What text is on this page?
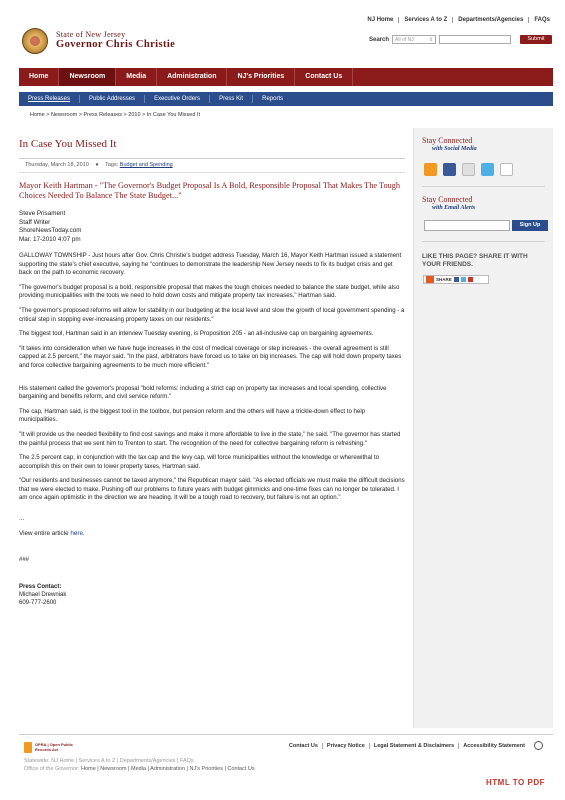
NJ Home	Services A to Z	Departments/Agencies	FAQs
State of New Jersey
Governor Chris Christie	Search All of NJ	⇕	Submit
Home	Newsroom	Media	Administration	NJ's Priorities	Contact Us
Press Releases	Public Addresses	Executive Orders	Press Kit	Reports
Home > Newsroom > Press Releases > 2010 > In Case You Missed It
In Case You Missed It
Thursday, March 18, 2010 ● Tags: Budget and Spending
Mayor Keith Hartman - "The Governor's Budget Proposal Is A Bold, Responsible Proposal That Makes The Tough Choices Needed To Balance The State Budget..."
Steve Prisament
Staff Writer
ShoreNewsToday.com
Mar. 17-2010 4:07 pm

GALLOWAY TOWNSHIP - Just hours after Gov. Chris Christie's budget address Tuesday, March 16, Mayor Keith Hartman issued a statement supporting the state's chief executive, saying he "continues to demonstrate the leadership New Jersey needs to fix its budget crisis and get back on the path to economic recovery.

"The governor's budget proposal is a bold, responsible proposal that makes the tough choices needed to balance the state budget, while also providing municipalities with the tools we need to hold down costs and mitigate property tax increases," Hartman said.

"The governor's proposed reforms will allow for stability in our budgeting at the local level and slow the growth of local government spending - a critical step in stopping ever-increasing property taxes on our residents."

The biggest tool, Hartman said in an interview Tuesday evening, is Proposition 205 - an all-inclusive cap on bargaining agreements.

"It takes into consideration when we have huge increases in the cost of medical coverage or step increases - the overall agreement is still capped at 2.5 percent," the mayor said. "In the past, arbitrators have forced us to take on big increases. The cap will hold down property taxes and force collective bargaining agreements to be much more efficient."

His statement called the governor's proposal "bold reforms: including a strict cap on property tax increases and local spending, collective bargaining and benefits reform, and civil service reform."

The cap, Hartman said, is the biggest tool in the toolbox, but pension reform and the others will have a trickle-down effect to help municipalities.

"It will provide us the needed flexibility to find cost savings and make it more affordable to live in the state," he said. "The governor has started the painful process that we sent him to Trenton to start. The recognition of the need for collective bargaining reform is refreshing."

The 2.5 percent cap, in conjunction with the tax cap and the levy cap, will force municipalities without the knowledge or wherewithal to accomplish this on their own to lower property taxes, Hartman said.

"Our residents and businesses cannot be taxed anymore," the Republican mayor said. "As elected officials we must make the difficult decisions that we were elected to make. Pushing off our problems to future years with budget gimmicks and one-time fixes can no longer be tolerated. I am once again optimistic in the direction we are heading. It will be a tough road to recovery, but failure is not an option."

...
View entire article here.
###
Press Contact:
Michael Drewniak
609-777-2600
Stay Connected
with Social Media
Stay Connected
with Email Alerts
Sign Up
LIKE THIS PAGE? SHARE IT WITH YOUR FRIENDS.
SHARE
OPRA | Open Public Records Act
Contact Us	Privacy Notice	Legal Statement & Disclaimers	Accessibility Statement
Statewide: NJ Home | Services A to Z | Departments/Agencies | FAQs
Office of the Governor: Home | Newsroom | Media | Administration | NJ's Priorities | Contact Us
HTML TO PDF
